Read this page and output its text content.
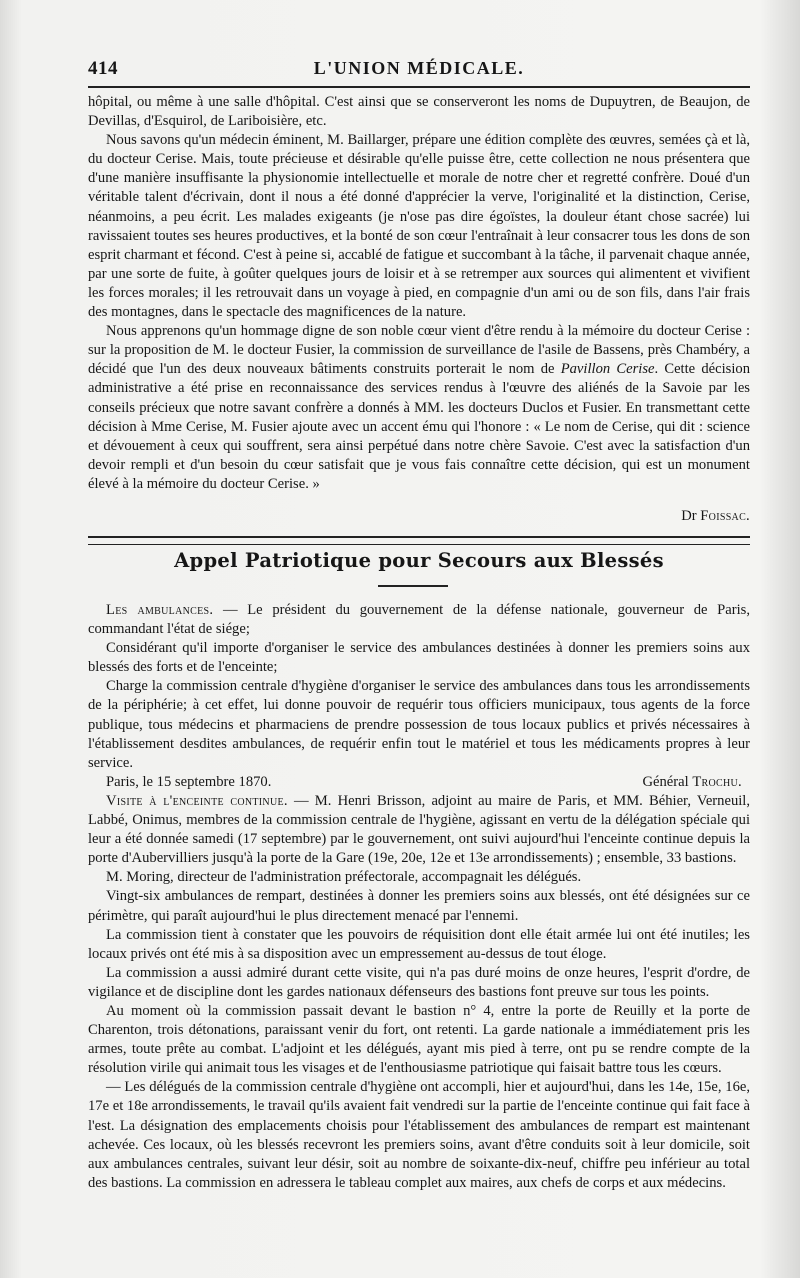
414	L'UNION MÉDICALE.

hôpital, ou même à une salle d'hôpital. C'est ainsi que se conserveront les noms de Dupuytren, de Beaujon, de Devillas, d'Esquirol, de Lariboisière, etc.

Nous savons qu'un médecin éminent, M. Baillarger, prépare une édition complète des œuvres, semées çà et là, du docteur Cerise. Mais, toute précieuse et désirable qu'elle puisse être, cette collection ne nous présentera que d'une manière insuffisante la physionomie intellectuelle et morale de notre cher et regretté confrère. Doué d'un véritable talent d'écrivain, dont il nous a été donné d'apprécier la verve, l'originalité et la distinction, Cerise, néanmoins, a peu écrit. Les malades exigeants (je n'ose pas dire égoïstes, la douleur étant chose sacrée) lui ravissaient toutes ses heures productives, et la bonté de son cœur l'entraînait à leur consacrer tous les dons de son esprit charmant et fécond. C'est à peine si, accablé de fatigue et succombant à la tâche, il parvenait chaque année, par une sorte de fuite, à goûter quelques jours de loisir et à se retremper aux sources qui alimentent et vivifient les forces morales; il les retrouvait dans un voyage à pied, en compagnie d'un ami ou de son fils, dans l'air frais des montagnes, dans le spectacle des magnificences de la nature.

Nous apprenons qu'un hommage digne de son noble cœur vient d'être rendu à la mémoire du docteur Cerise : sur la proposition de M. le docteur Fusier, la commission de surveillance de l'asile de Bassens, près Chambéry, a décidé que l'un des deux nouveaux bâtiments construits porterait le nom de Pavillon Cerise. Cette décision administrative a été prise en reconnaissance des services rendus à l'œuvre des aliénés de la Savoie par les conseils précieux que notre savant confrère a donnés à MM. les docteurs Duclos et Fusier. En transmettant cette décision à Mme Cerise, M. Fusier ajoute avec un accent ému qui l'honore : « Le nom de Cerise, qui dit : science et dévouement à ceux qui souffrent, sera ainsi perpétué dans notre chère Savoie. C'est avec la satisfaction d'un devoir rempli et d'un besoin du cœur satisfait que je vous fais connaître cette décision, qui est un monument élevé à la mémoire du docteur Cerise. »

Dr Foissac.
Appel Patriotique pour Secours aux Blessés

Les ambulances. — Le président du gouvernement de la défense nationale, gouverneur de Paris, commandant l'état de siége;

Considérant qu'il importe d'organiser le service des ambulances destinées à donner les premiers soins aux blessés des forts et de l'enceinte;

Charge la commission centrale d'hygiène d'organiser le service des ambulances dans tous les arrondissements de la périphérie; à cet effet, lui donne pouvoir de requérir tous officiers municipaux, tous agents de la force publique, tous médecins et pharmaciens de prendre possession de tous locaux publics et privés nécessaires à l'établissement desdites ambulances, de requérir enfin tout le matériel et tous les médicaments propres à leur service.

Paris, le 15 septembre 1870.	Général Trochu.

Visite à l'enceinte continue. — M. Henri Brisson, adjoint au maire de Paris, et MM. Béhier, Verneuil, Labbé, Onimus, membres de la commission centrale de l'hygiène, agissant en vertu de la délégation spéciale qui leur a été donnée samedi (17 septembre) par le gouvernement, ont suivi aujourd'hui l'enceinte continue depuis la porte d'Aubervilliers jusqu'à la porte de la Gare (19e, 20e, 12e et 13e arrondissements) ; ensemble, 33 bastions.

M. Moring, directeur de l'administration préfectorale, accompagnait les délégués.

Vingt-six ambulances de rempart, destinées à donner les premiers soins aux blessés, ont été désignées sur ce périmètre, qui paraît aujourd'hui le plus directement menacé par l'ennemi.

La commission tient à constater que les pouvoirs de réquisition dont elle était armée lui ont été inutiles; les locaux privés ont été mis à sa disposition avec un empressement au-dessus de tout éloge.

La commission a aussi admiré durant cette visite, qui n'a pas duré moins de onze heures, l'esprit d'ordre, de vigilance et de discipline dont les gardes nationaux défenseurs des bastions font preuve sur tous les points.

Au moment où la commission passait devant le bastion n° 4, entre la porte de Reuilly et la porte de Charenton, trois détonations, paraissant venir du fort, ont retenti. La garde nationale a immédiatement pris les armes, toute prête au combat. L'adjoint et les délégués, ayant mis pied à terre, ont pu se rendre compte de la résolution virile qui animait tous les visages et de l'enthousiasme patriotique qui faisait battre tous les cœurs.

— Les délégués de la commission centrale d'hygiène ont accompli, hier et aujourd'hui, dans les 14e, 15e, 16e, 17e et 18e arrondissements, le travail qu'ils avaient fait vendredi sur la partie de l'enceinte continue qui fait face à l'est. La désignation des emplacements choisis pour l'établissement des ambulances de rempart est maintenant achevée. Ces locaux, où les blessés recevront les premiers soins, avant d'être conduits soit à leur domicile, soit aux ambulances centrales, suivant leur désir, soit au nombre de soixante-dix-neuf, chiffre peu inférieur au total des bastions. La commission en adressera le tableau complet aux maires, aux chefs de corps et aux médecins.
